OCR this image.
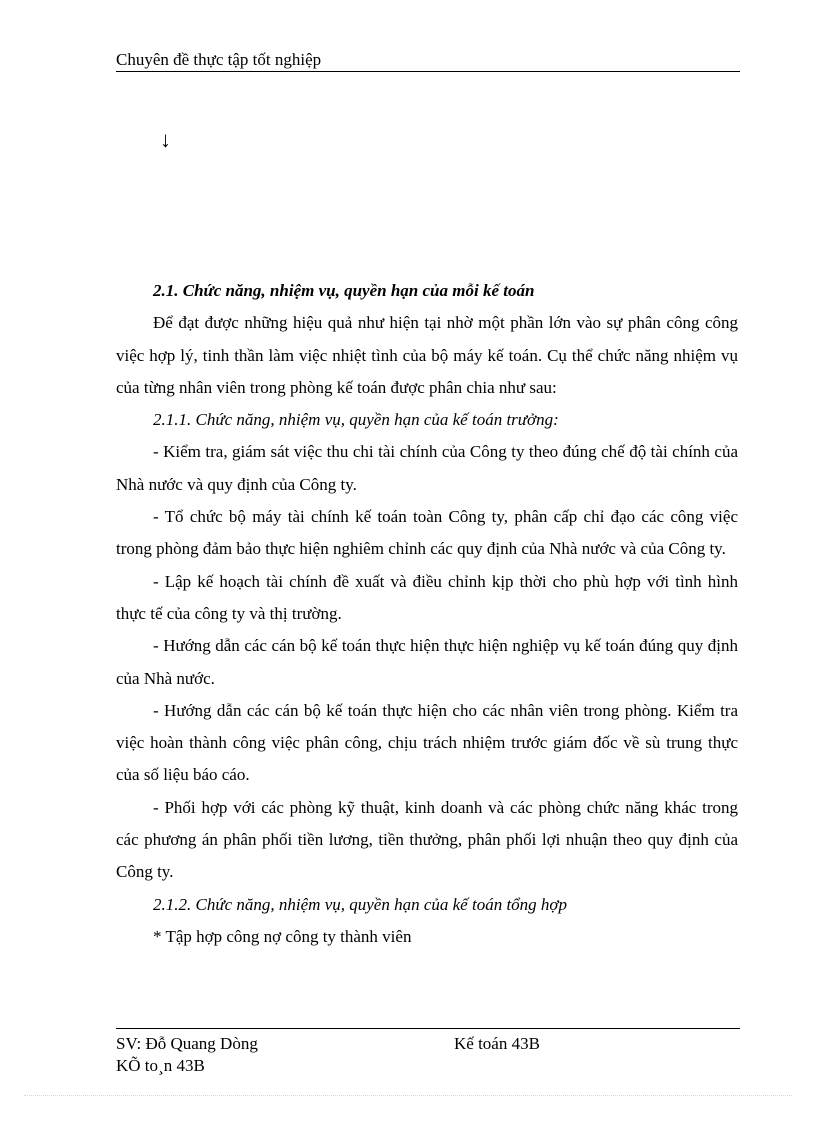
Chuyên đề thực tập tốt nghiệp
↓

2.1. Chức năng, nhiệm vụ, quyền hạn của mỗi kế toán

Để đạt được những hiệu quả như hiện tại nhờ một phần lớn vào sự phân công công việc hợp lý, tinh thần làm việc nhiệt tình của bộ máy kế toán. Cụ thể chức năng nhiệm vụ của từng nhân viên trong phòng kế toán được phân chia như sau:

2.1.1. Chức năng, nhiệm vụ, quyền hạn của kế toán trưởng:

- Kiểm tra, giám sát việc thu chi tài chính của Công ty theo đúng chế độ tài chính của Nhà nước và quy định của Công ty.

- Tổ chức bộ máy tài chính kế toán toàn Công ty, phân cấp chỉ đạo các công việc trong phòng đảm bảo thực hiện nghiêm chỉnh các quy định của Nhà nước và của Công ty.

- Lập kế hoạch tài chính đề xuất và điều chỉnh kịp thời cho phù hợp với tình hình thực tế của công ty và thị trường.

- Hướng dẫn các cán bộ kế toán thực hiện thực hiện nghiệp vụ kế toán đúng quy định của Nhà nước.

- Hướng dẫn các cán bộ kế toán thực hiện cho các nhân viên trong phòng. Kiểm tra việc hoàn thành công việc phân công, chịu trách nhiệm trước giám đốc về sù trung thực của số liệu báo cáo.

- Phối hợp với các phòng kỹ thuật, kinh doanh và các phòng chức năng khác trong các phương án phân phối tiền lương, tiền thưởng, phân phối lợi nhuận theo quy định của Công ty.

2.1.2. Chức năng, nhiệm vụ, quyền hạn của kế toán tổng hợp

* Tập hợp công nợ công ty thành viên

SV: Đỗ Quang Dòng	Kế toán 43B
KÕ to¸n 43B
